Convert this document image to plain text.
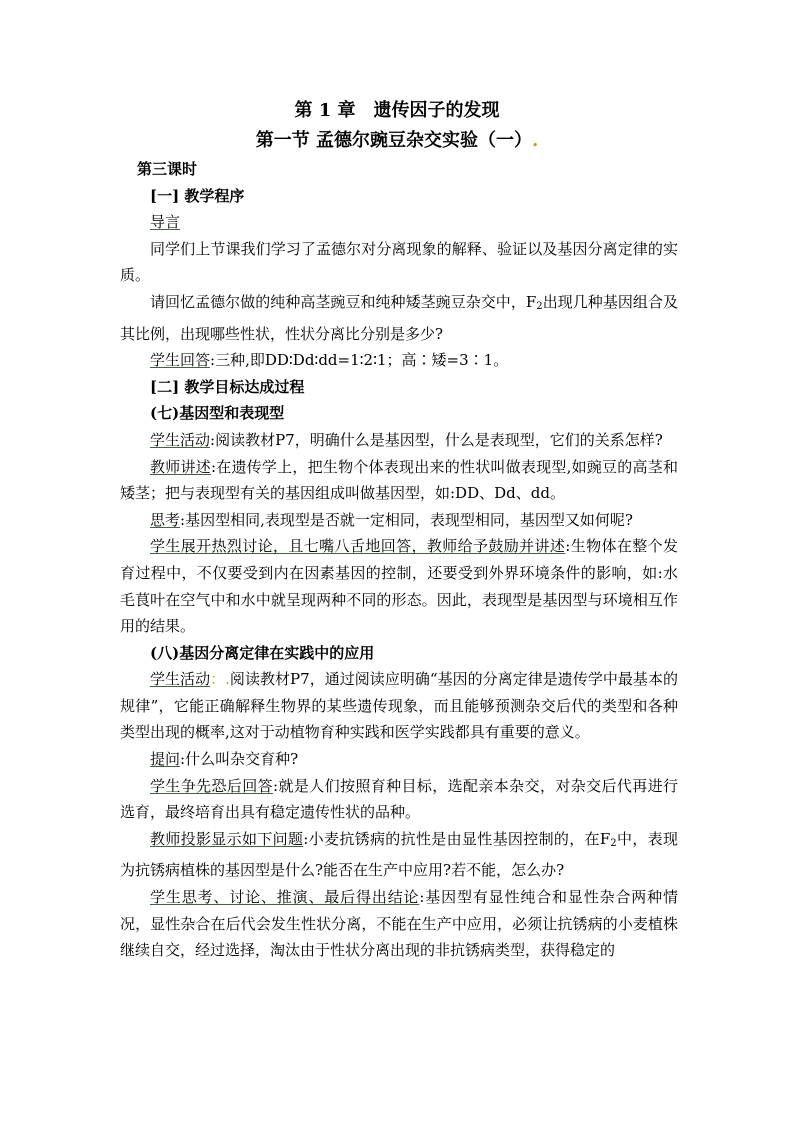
第 1 章　遗传因子的发现
第一节 孟德尔豌豆杂交实验（一）.
第三课时
[一] 教学程序
导言
同学们上节课我们学习了孟德尔对分离现象的解释、验证以及基因分离定律的实质。
请回忆孟德尔做的纯种高茎豌豆和纯种矮茎豌豆杂交中，$F_2$出现几种基因组合及其比例，出现哪些性状，性状分离比分别是多少?
学生回答:三种,即DD∶Dd∶dd=1∶2∶1；高∶矮=3∶1。
[二] 教学目标达成过程
(七)基因型和表现型
学生活动:阅读教材P7，明确什么是基因型，什么是表现型，它们的关系怎样?
教师讲述:在遗传学上，把生物个体表现出来的性状叫做表现型,如豌豆的高茎和矮茎；把与表现型有关的基因组成叫做基因型，如:DD、Dd、dd。
思考:基因型相同,表现型是否就一定相同，表现型相同，基因型又如何呢?
学生展开热烈讨论，且七嘴八舌地回答，教师给予鼓励并讲述:生物体在整个发育过程中，不仅要受到内在因素基因的控制，还要受到外界环境条件的影响，如:水毛茛叶在空气中和水中就呈现两种不同的形态。因此，表现型是基因型与环境相互作用的结果。
(八)基因分离定律在实践中的应用
学生活动：.阅读教材P7，通过阅读应明确“基因的分离定律是遗传学中最基本的规律”，它能正确解释生物界的某些遗传现象，而且能够预测杂交后代的类型和各种类型出现的概率,这对于动植物育种实践和医学实践都具有重要的意义。
提问:什么叫杂交育种?
学生争先恐后回答:就是人们按照育种目标，选配亲本杂交，对杂交后代再进行选育，最终培育出具有稳定遗传性状的品种。
教师投影显示如下问题:小麦抗锈病的抗性是由显性基因控制的，在$F_2$中，表现为抗锈病植株的基因型是什么?能否在生产中应用?若不能，怎么办?
学生思考、讨论、推演、最后得出结论:基因型有显性纯合和显性杂合两种情况，显性杂合在后代会发生性状分离，不能在生产中应用，必须让抗锈病的小麦植株继续自交，经过选择，淘汰由于性状分离出现的非抗锈病类型，获得稳定的
